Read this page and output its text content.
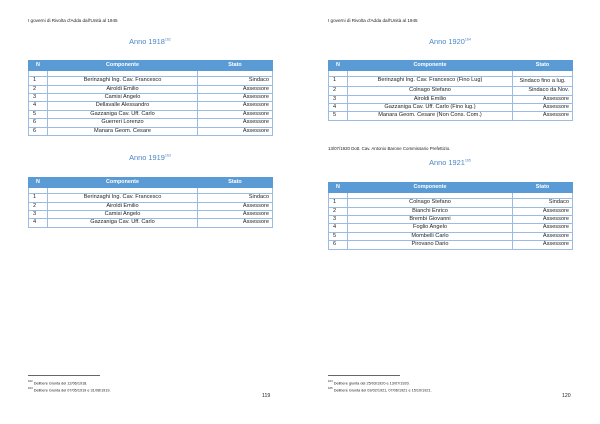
I governi di Rivolta d'Adda dall'Unità al 1945
Anno 1918$^{162}$
N	Componente	Stato

1	Berinzaghi Ing. Cav. Francesco	Sindaco
2	Airoldi Emilio	Assessore
3	Camisi Angelo	Assessore
4	Dellavalle Alessandro	Assessore
5	Gazzaniga Cav. Uff. Carlo	Assessore
6	Guerreri Lorenzo	Assessore
6	Manara Geom. Cesare	Assessore
Anno 1919$^{163}$
N	Componente	Stato

1	Berinzaghi Ing. Cav. Francesco	Sindaco
2	Airoldi Emilio	Assessore
3	Camisi Angelo	Assessore
4	Gazzaniga Cav. Uff. Carlo	Assessore
$^{162}$ Delibere Giunta del 12/06/1918.
$^{163}$ Delibere Giunta del 07/05/1919 e 31/08/1919.
119
I governi di Rivolta d'Adda dall'Unità al 1945
Anno 1920$^{164}$
N	Componente	Stato

1	Berinzaghi Ing. Cav. Francesco (Fino Lug)	Sindaco fino a lug.
2	Colnago Stefano	Sindaco da Nov.
3	Airoldi Emilio	Assessore
4	Gazzaniga Cav. Uff. Carlo (Fino lug.)	Assessore
5	Manara Geom. Cesare (Non Cons. Com.)	Assessore
13/07/1920 Dott. Cav. Antonio Barone Commissario Prefettizio.
Anno 1921$^{165}$
N	Componente	Stato

1	Colnago Stefano	Sindaco
2	Bianchi Enrico	Assessore
3	Brembi Giovanni	Assessore
4	Foglio Angelo	Assessore
5	Mombelli Carlo	Assessore
6	Pirovano Dario	Assessore
$^{164}$ Delibere giunta del 25/03/1920 e 13/07/1920.
$^{165}$ Delibere Giunta del 03/02/1921, 07/06/1921 e 15/10/1921.
120
